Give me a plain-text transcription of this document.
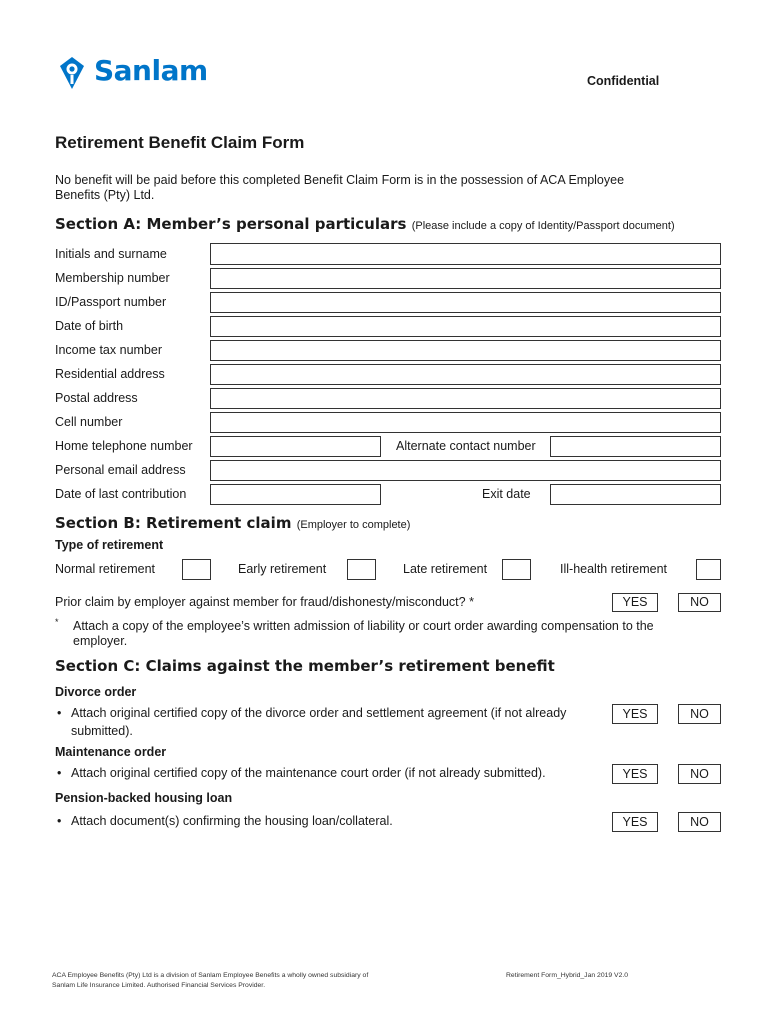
Sanlam	Confidential
Retirement Benefit Claim Form
No benefit will be paid before this completed Benefit Claim Form is in the possession of ACA Employee
Benefits (Pty) Ltd.
Section A: Member’s personal particulars (Please include a copy of Identity/Passport document)
Initials and surname
Membership number
ID/Passport number
Date of birth
Income tax number
Residential address
Postal address
Cell number
Home telephone number	Alternate contact number
Personal email address
Date of last contribution	Exit date
Section B: Retirement claim (Employer to complete)
Type of retirement
Normal retirement	Early retirement	Late retirement	Ill-health retirement
Prior claim by employer against member for fraud/dishonesty/misconduct? *	YES	NO
* Attach a copy of the employee’s written admission of liability or court order awarding compensation to the
employer.
Section C: Claims against the member’s retirement benefit
Divorce order
• Attach original certified copy of the divorce order and settlement agreement (if not already
submitted).
YES	NO
Maintenance order
• Attach original certified copy of the maintenance court order (if not already submitted).	YES	NO
Pension-backed housing loan
• Attach document(s) confirming the housing loan/collateral.	YES	NO
ACA Employee Benefits (Pty) Ltd is a division of Sanlam Employee Benefits a wholly owned subsidiary of
Sanlam Life Insurance Limited. Authorised Financial Services Provider.
Retirement Form_Hybrid_Jan 2019 V2.0
